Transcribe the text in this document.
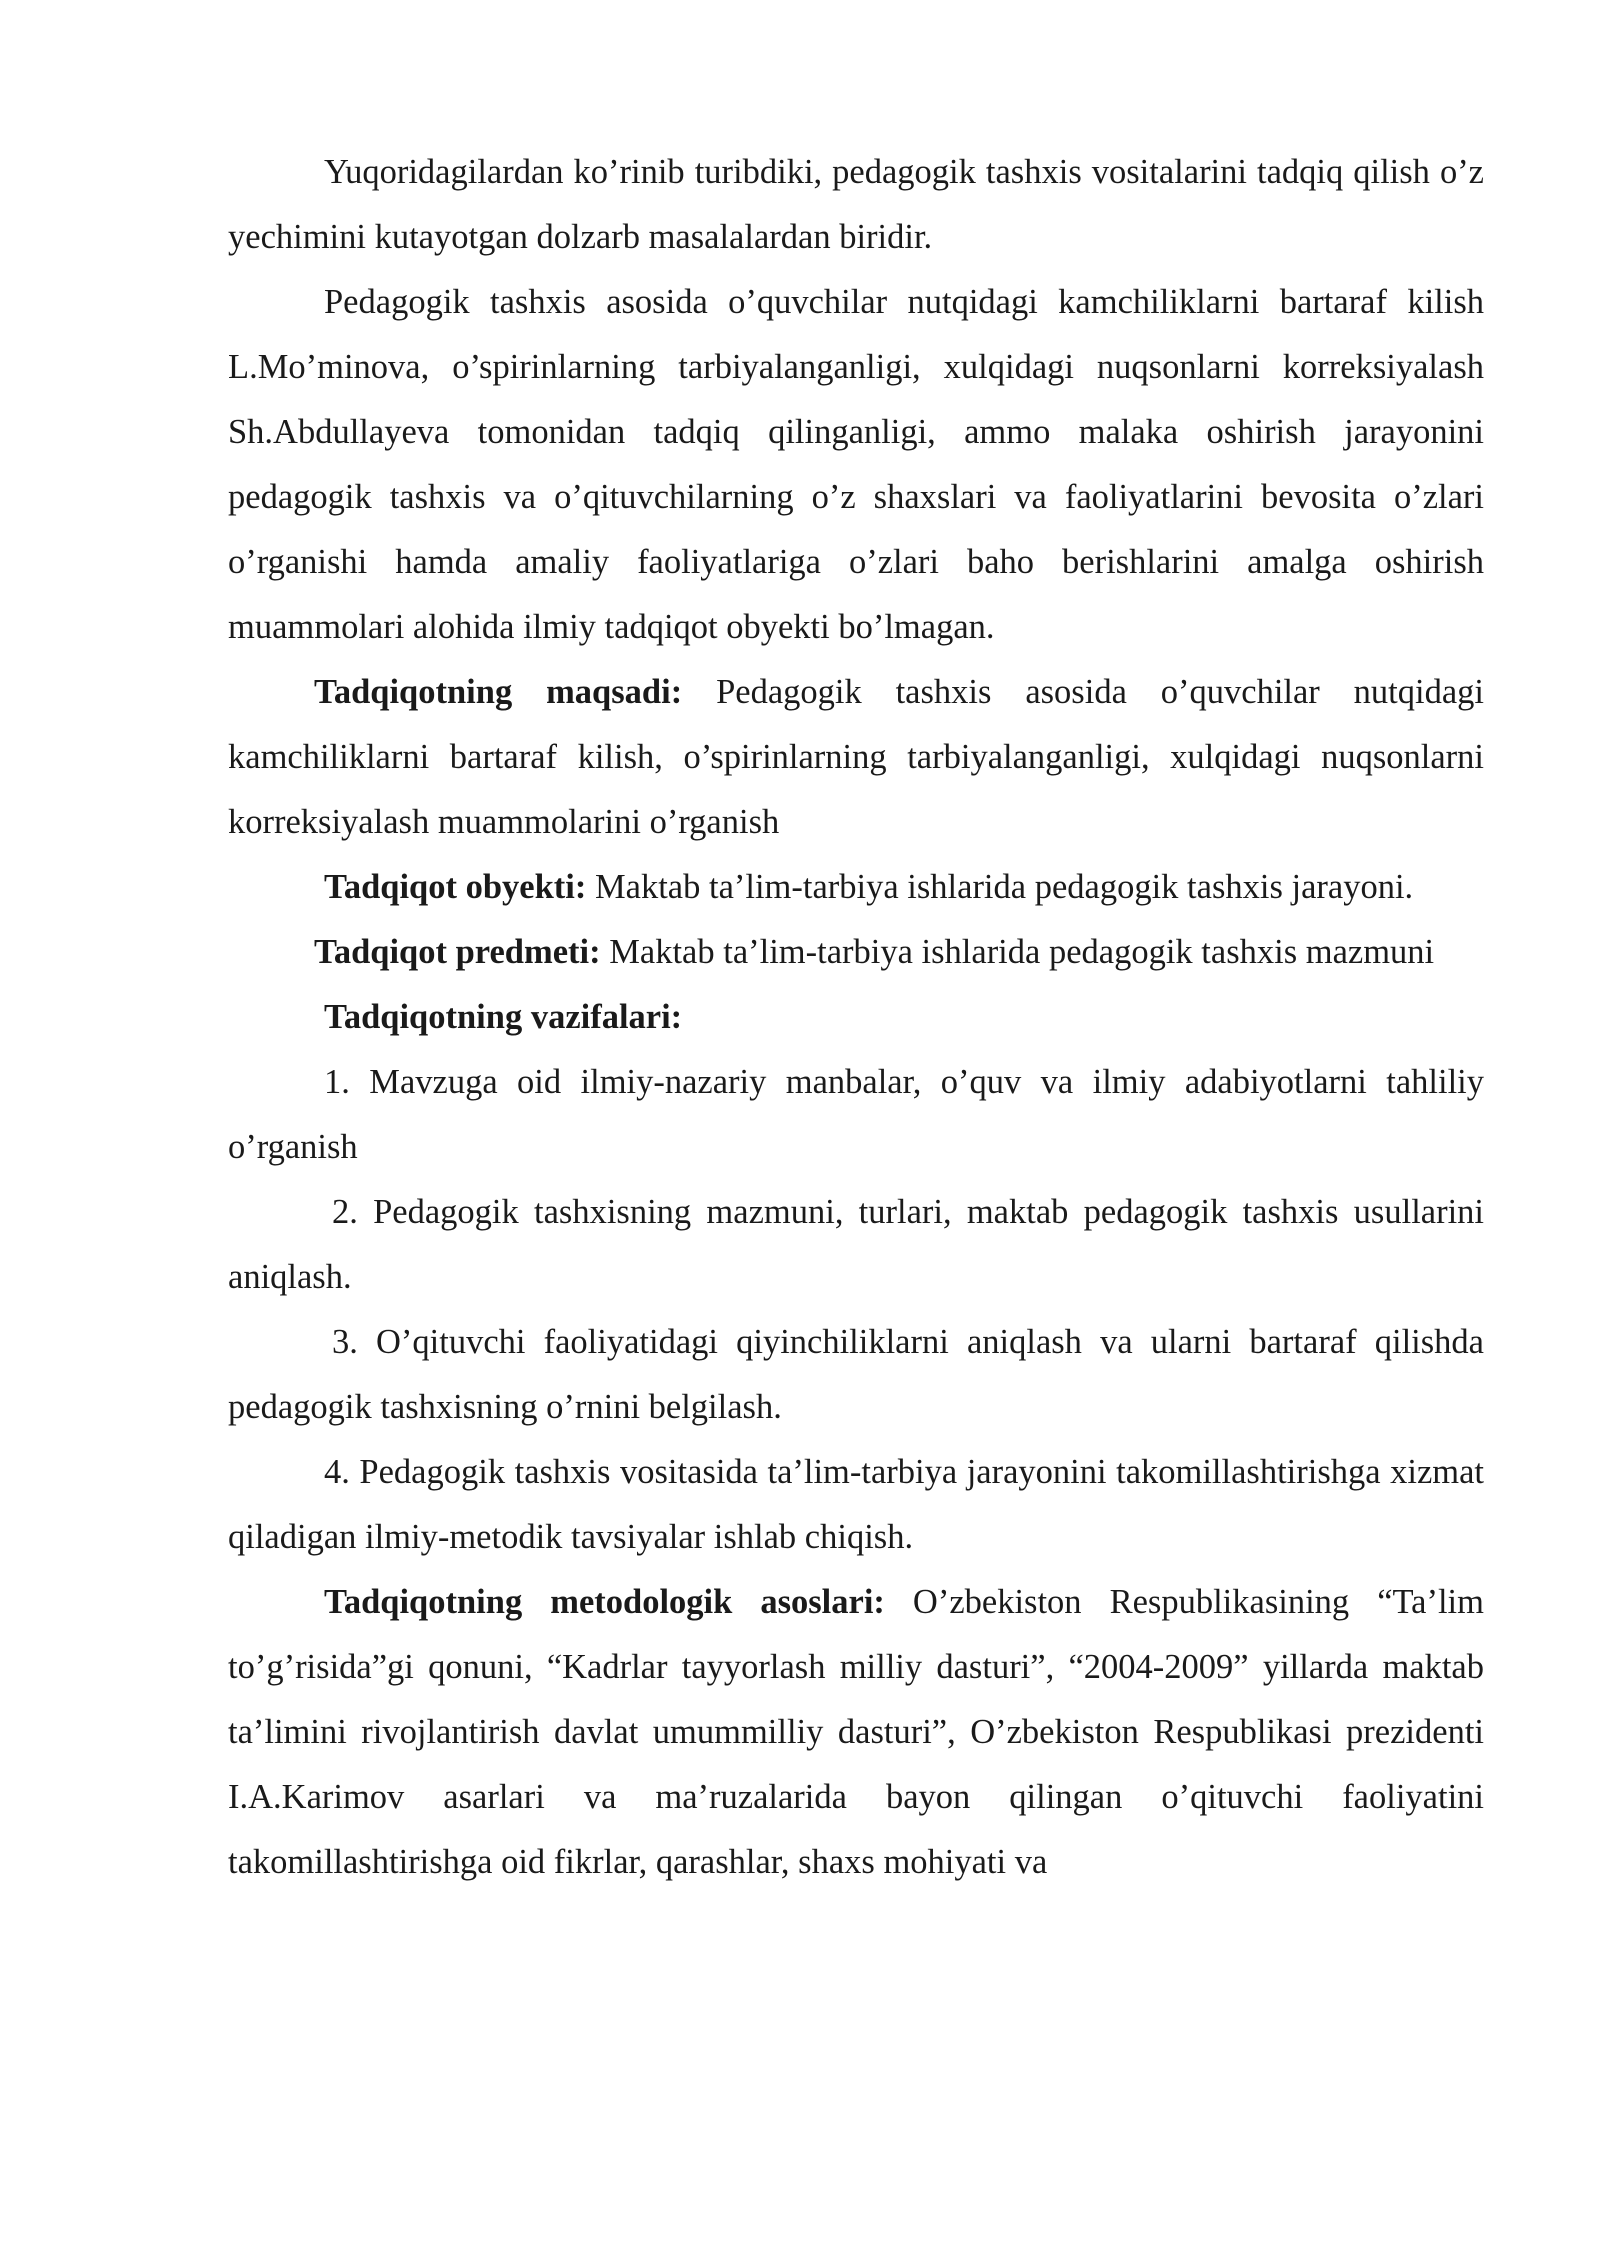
Yuqoridagilardan ko’rinib turibdiki, pedagogik tashxis vositalarini tadqiq qilish o’z yechimini kutayotgan dolzarb masalalardan biridir.

Pedagogik tashxis asosida o’quvchilar nutqidagi kamchiliklarni bartaraf kilish L.Mo’minova, o’spirinlarning tarbiyalanganligi, xulqidagi nuqsonlarni korreksiyalash Sh.Abdullayeva tomonidan tadqiq qilinganligi, ammo malaka oshirish jarayonini pedagogik tashxis va o’qituvchilarning o’z shaxslari va faoliyatlarini bevosita o’zlari o’rganishi hamda amaliy faoliyatlariga o’zlari baho berishlarini amalga oshirish muammolari alohida ilmiy tadqiqot obyekti bo’lmagan.

Tadqiqotning maqsadi: Pedagogik tashxis asosida o’quvchilar nutqidagi kamchiliklarni bartaraf kilish, o’spirinlarning tarbiyalanganligi, xulqidagi nuqsonlarni korreksiyalash muammolarini o’rganish

Tadqiqot obyekti: Maktab ta’lim-tarbiya ishlarida pedagogik tashxis jarayoni.

Tadqiqot predmeti: Maktab ta’lim-tarbiya ishlarida pedagogik tashxis mazmuni

Tadqiqotning vazifalari:

1. Mavzuga oid ilmiy-nazariy manbalar, o’quv va ilmiy adabiyotlarni tahliliy o’rganish

2. Pedagogik tashxisning mazmuni, turlari, maktab pedagogik tashxis usullarini aniqlash.

3. O’qituvchi faoliyatidagi qiyinchiliklarni aniqlash va ularni bartaraf qilishda pedagogik tashxisning o’rnini belgilash.

4. Pedagogik tashxis vositasida ta’lim-tarbiya jarayonini takomillashtirishga xizmat qiladigan ilmiy-metodik tavsiyalar ishlab chiqish.

Tadqiqotning metodologik asoslari: O’zbekiston Respublikasining “Ta’lim to’g’risida”gi qonuni, “Kadrlar tayyorlash milliy dasturi”, “2004-2009” yillarda maktab ta’limini rivojlantirish davlat umummilliy dasturi”, O’zbekiston Respublikasi prezidenti I.A.Karimov asarlari va ma’ruzalarida bayon qilingan o’qituvchi faoliyatini takomillashtirishga oid fikrlar, qarashlar, shaxs mohiyati va
